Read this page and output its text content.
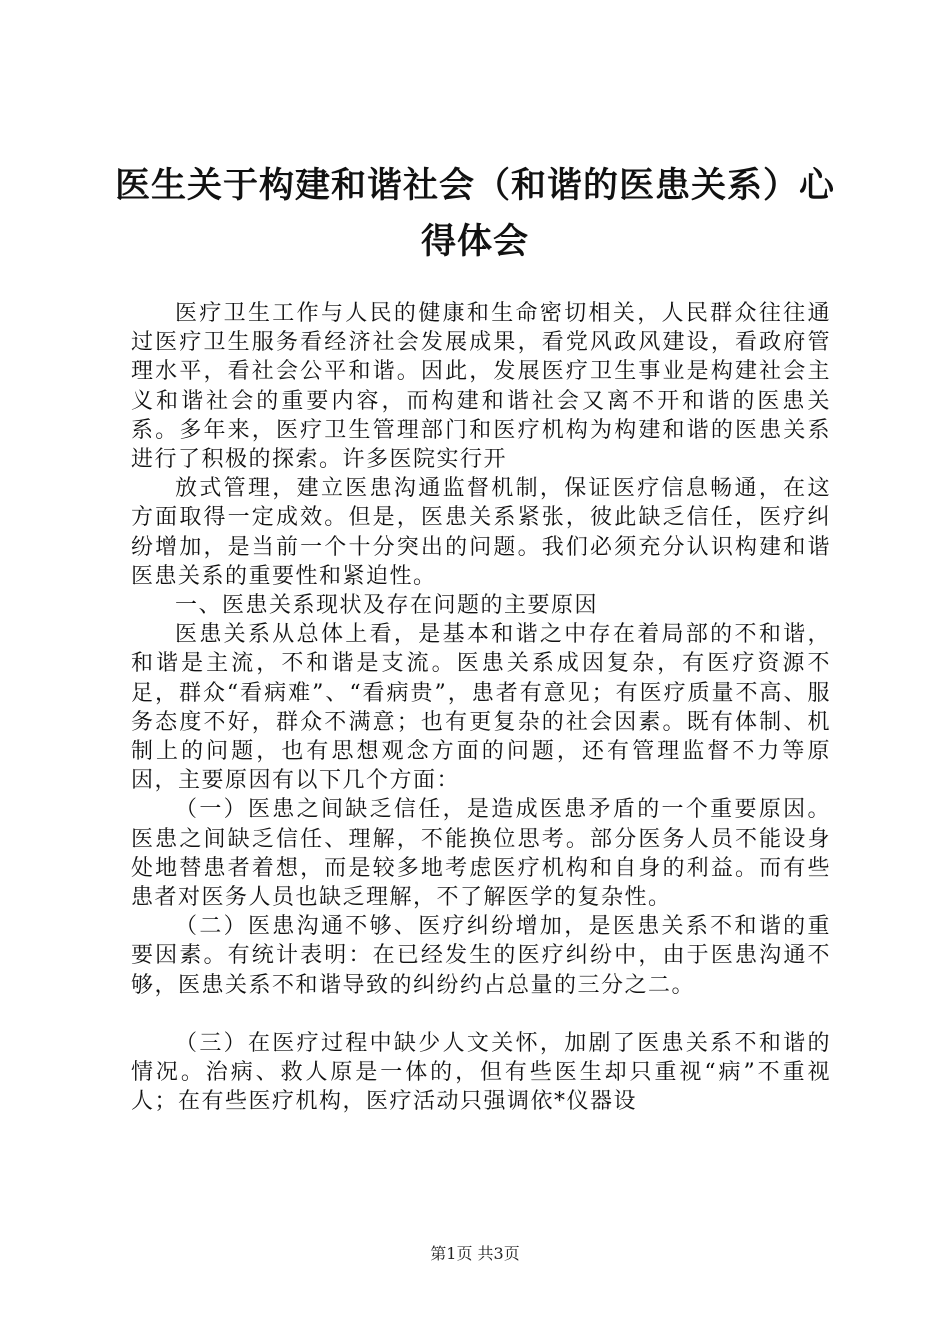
医生关于构建和谐社会（和谐的医患关系）心得体会

医疗卫生工作与人民的健康和生命密切相关，人民群众往往通过医疗卫生服务看经济社会发展成果，看党风政风建设，看政府管理水平，看社会公平和谐。因此，发展医疗卫生事业是构建社会主义和谐社会的重要内容，而构建和谐社会又离不开和谐的医患关系。多年来，医疗卫生管理部门和医疗机构为构建和谐的医患关系进行了积极的探索。许多医院实行开

放式管理，建立医患沟通监督机制，保证医疗信息畅通，在这方面取得一定成效。但是，医患关系紧张，彼此缺乏信任，医疗纠纷增加，是当前一个十分突出的问题。我们必须充分认识构建和谐医患关系的重要性和紧迫性。

一、医患关系现状及存在问题的主要原因

医患关系从总体上看，是基本和谐之中存在着局部的不和谐，和谐是主流，不和谐是支流。医患关系成因复杂，有医疗资源不足，群众“看病难”、“看病贵”，患者有意见；有医疗质量不高、服务态度不好，群众不满意；也有更复杂的社会因素。既有体制、机制上的问题，也有思想观念方面的问题，还有管理监督不力等原因，主要原因有以下几个方面：

（一）医患之间缺乏信任，是造成医患矛盾的一个重要原因。医患之间缺乏信任、理解，不能换位思考。部分医务人员不能设身处地替患者着想，而是较多地考虑医疗机构和自身的利益。而有些患者对医务人员也缺乏理解，不了解医学的复杂性。

（二）医患沟通不够、医疗纠纷增加，是医患关系不和谐的重要因素。有统计表明：在已经发生的医疗纠纷中，由于医患沟通不够，医患关系不和谐导致的纠纷约占总量的三分之二。

（三）在医疗过程中缺少人文关怀，加剧了医患关系不和谐的情况。治病、救人原是一体的，但有些医生却只重视“病”不重视人；在有些医疗机构，医疗活动只强调依*仪器设

第1页 共3页
